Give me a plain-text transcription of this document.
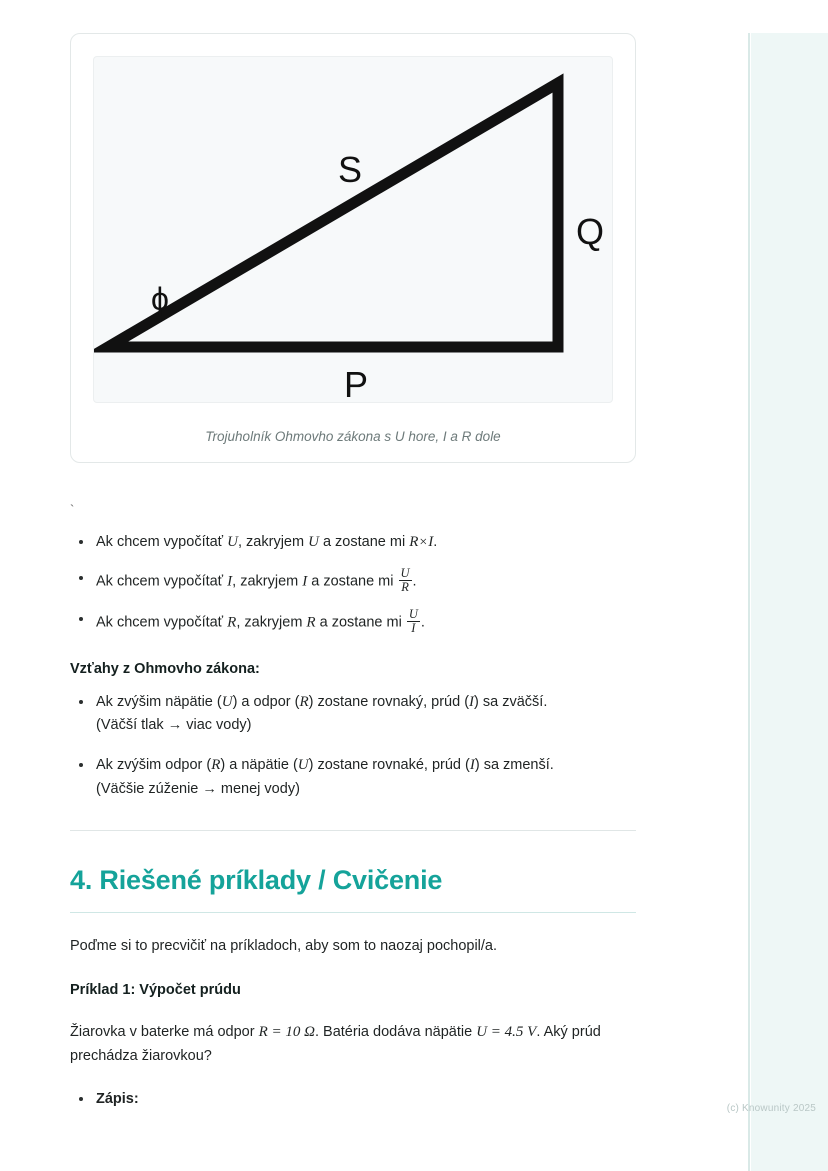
S
Q
P
ϕ
Trojuholník Ohmovho zákona s U hore, I a R dole
`
Ak chcem vypočítať U, zakryjem U a zostane mi R×I.
Ak chcem vypočítať I, zakryjem I a zostane mi $\frac{U}{R}$ .
Ak chcem vypočítať R, zakryjem R a zostane mi $\frac{U}{I}$ .
Vzťahy z Ohmovho zákona:
Ak zvýšim näpätie (U) a odpor (R) zostane rovnaký, prúd (I) sa zväčší.
(Väčší tlak → viac vody)
Ak zvýšim odpor (R) a näpätie (U) zostane rovnaké, prúd (I) sa zmenší.
(Väčšie zúženie → menej vody)
4. Riešené príklady / Cvičenie

Poďme si to precvičiť na príkladoch, aby som to naozaj pochopil/a.

Príklad 1: Výpočet prúdu

Žiarovka v baterke má odpor R = 10 Ω. Batéria dodáva näpätie U = 4.5 V. Aký prúd prechádza žiarovkou?

Zápis:
(c) Knowunity 2025
